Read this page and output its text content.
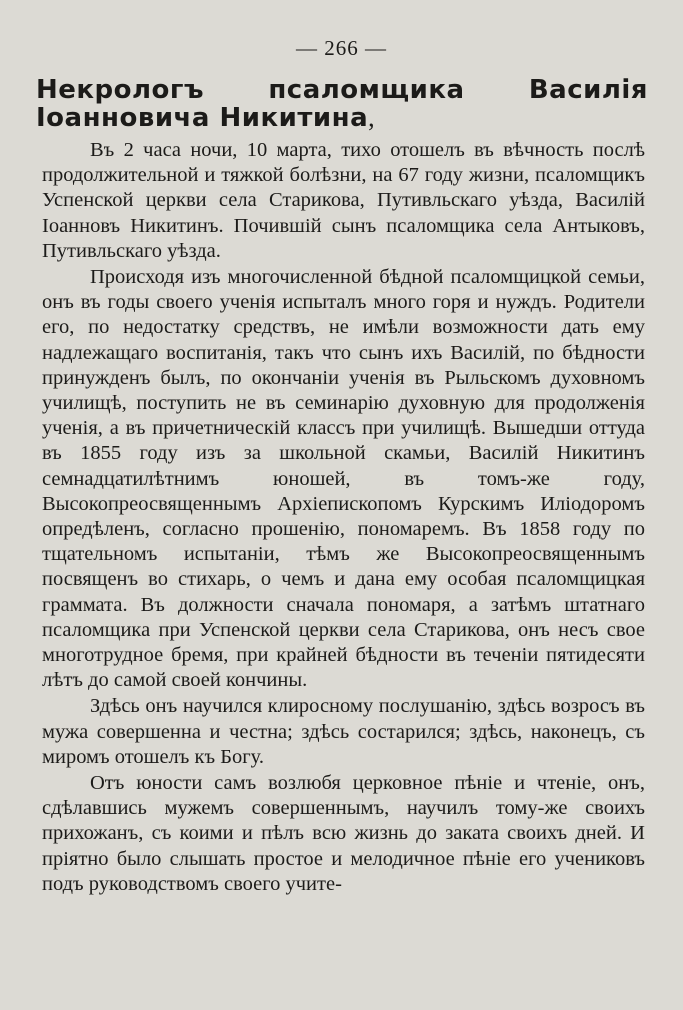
— 266 —
Некрологъ псаломщика Василія Іоанновича Никитина,

Въ 2 часа ночи, 10 марта, тихо отошелъ въ вѣчность послѣ продолжительной и тяжкой болѣзни, на 67 году жизни, псаломщикъ Успенской церкви села Старикова, Путивльскаго уѣзда, Василій Іоанновъ Никитинъ. Почившій сынъ псаломщика села Антыковъ, Путивльскаго уѣзда.

Происходя изъ многочисленной бѣдной псаломщицкой семьи, онъ въ годы своего ученія испыталъ много горя и нуждъ. Родители его, по недостатку средствъ, не имѣли возможности дать ему надлежащаго воспитанія, такъ что сынъ ихъ Василій, по бѣдности принужденъ былъ, по окончаніи ученія въ Рыльскомъ духовномъ училищѣ, поступить не въ семинарію духовную для продолженія ученія, а въ причетническій классъ при училищѣ. Вышедши оттуда въ 1855 году изъ за школьной скамьи, Василій Никитинъ семнадцатилѣтнимъ юношей, въ томъ-же году, Высокопреосвященнымъ Архіепископомъ Курскимъ Иліодоромъ опредѣленъ, согласно прошенію, пономаремъ. Въ 1858 году по тщательномъ испытаніи, тѣмъ же Высокопреосвященнымъ посвященъ во стихарь, о чемъ и дана ему особая псаломщицкая граммата. Въ должности сначала пономаря, а затѣмъ штатнаго псаломщика при Успенской церкви села Старикова, онъ несъ свое многотрудное бремя, при крайней бѣдности въ теченіи пятидесяти лѣтъ до самой своей кончины.

Здѣсь онъ научился клиросному послушанію, здѣсь возросъ въ мужа совершенна и честна; здѣсь состарился; здѣсь, наконецъ, съ миромъ отошелъ къ Богу.

Отъ юности самъ возлюбя церковное пѣніе и чтеніе, онъ, сдѣлавшись мужемъ совершеннымъ, научилъ тому-же своихъ прихожанъ, съ коими и пѣлъ всю жизнь до заката своихъ дней. И пріятно было слышать простое и мелодичное пѣніе его учениковъ подъ руководствомъ своего учите-
